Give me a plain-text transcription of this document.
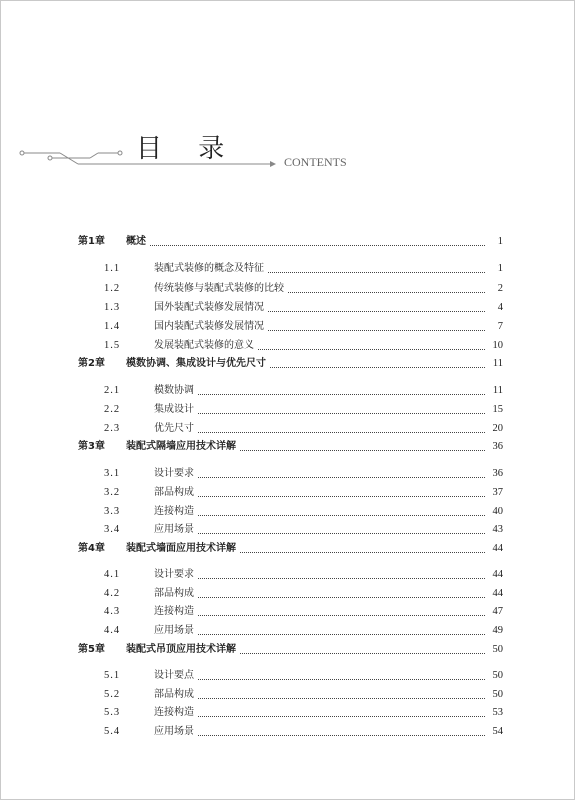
目 录	CONTENTS
第1章	概述	1
1.1	装配式装修的概念及特征	1
1.2	传统装修与装配式装修的比较	2
1.3	国外装配式装修发展情况	4
1.4	国内装配式装修发展情况	7
1.5	发展装配式装修的意义	10
第2章	模数协调、集成设计与优先尺寸	11
2.1	模数协调	11
2.2	集成设计	15
2.3	优先尺寸	20
第3章	装配式隔墙应用技术详解	36
3.1	设计要求	36
3.2	部品构成	37
3.3	连接构造	40
3.4	应用场景	43
第4章	装配式墙面应用技术详解	44
4.1	设计要求	44
4.2	部品构成	44
4.3	连接构造	47
4.4	应用场景	49
第5章	装配式吊顶应用技术详解	50
5.1	设计要点	50
5.2	部品构成	50
5.3	连接构造	53
5.4	应用场景	54
